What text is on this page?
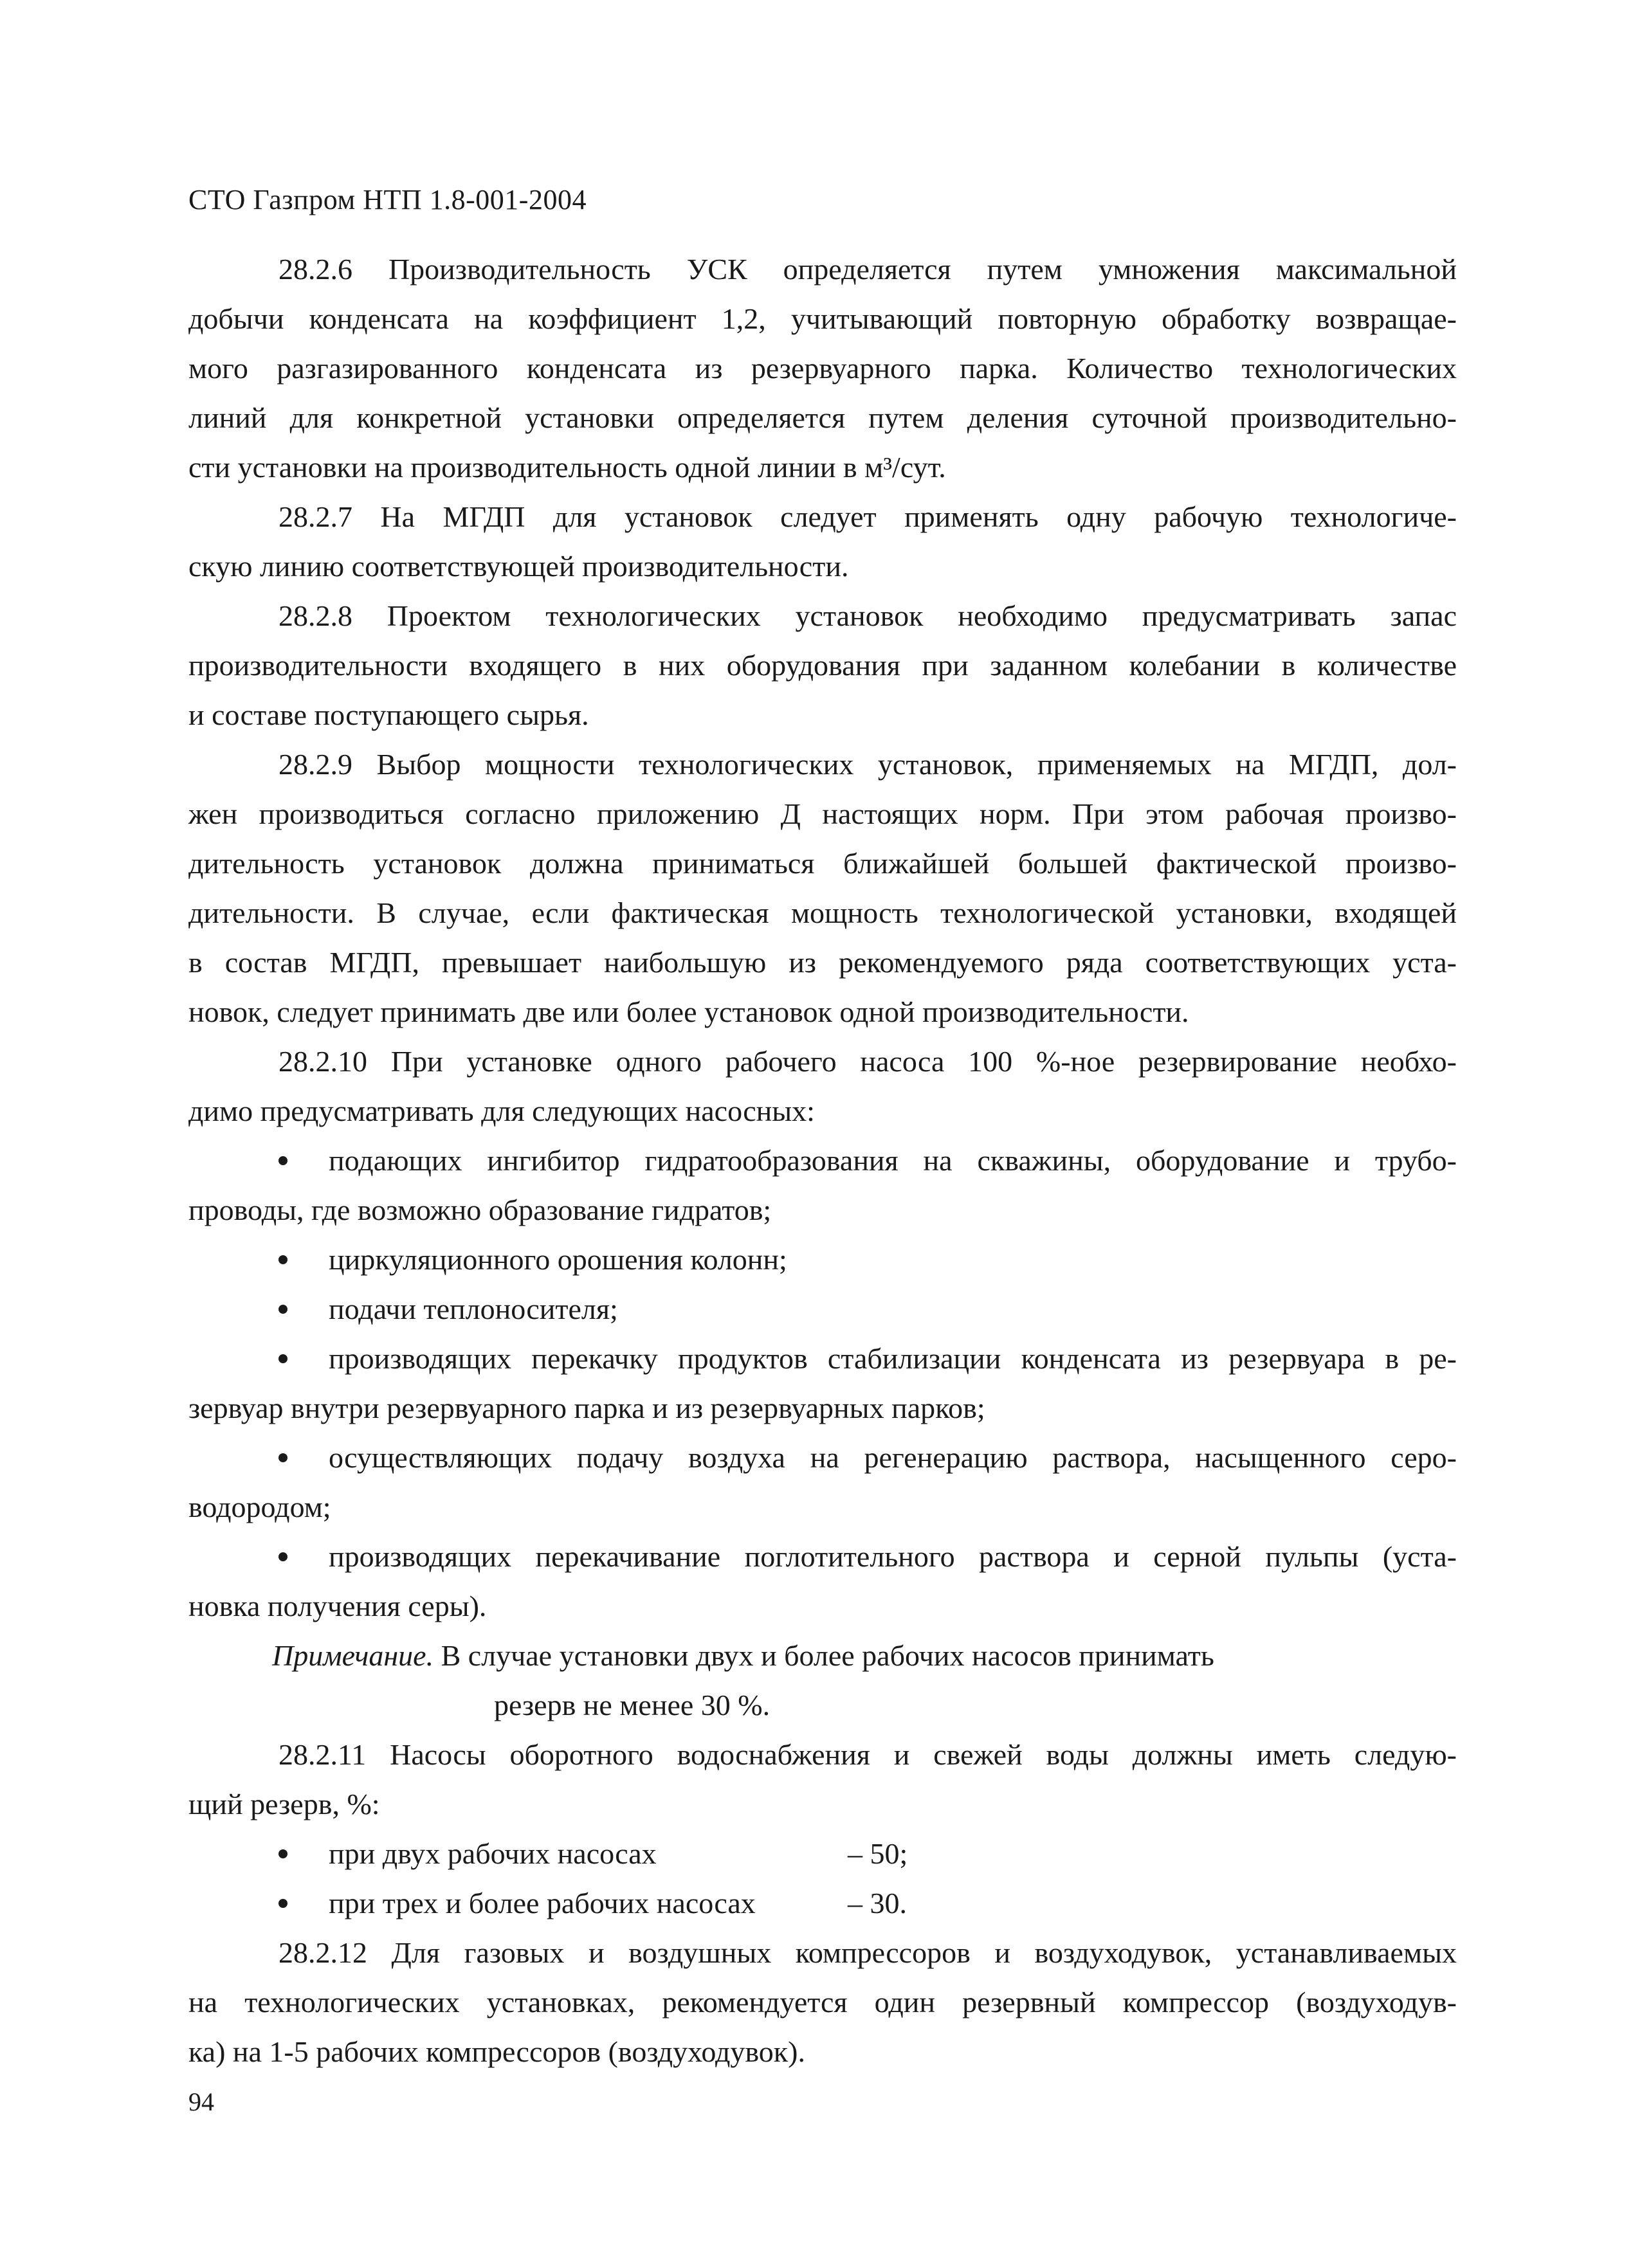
СТО Газпром НТП 1.8-001-2004
28.2.6 Производительность УСК определяется путем умножения максимальной
добычи конденсата на коэффициент 1,2, учитывающий повторную обработку возвращае-
мого разгазированного конденсата из резервуарного парка. Количество технологических
линий для конкретной установки определяется путем деления суточной производительно-
сти установки на производительность одной линии в м³/сут.
28.2.7 На МГДП для установок следует применять одну рабочую технологиче-
скую линию соответствующей производительности.
28.2.8 Проектом технологических установок необходимо предусматривать запас
производительности входящего в них оборудования при заданном колебании в количестве
и составе поступающего сырья.
28.2.9 Выбор мощности технологических установок, применяемых на МГДП, дол-
жен производиться согласно приложению Д настоящих норм. При этом рабочая произво-
дительность установок должна приниматься ближайшей большей фактической произво-
дительности. В случае, если фактическая мощность технологической установки, входящей
в состав МГДП, превышает наибольшую из рекомендуемого ряда соответствующих уста-
новок, следует принимать две или более установок одной производительности.
28.2.10 При установке одного рабочего насоса 100 %-ное резервирование необхо-
димо предусматривать для следующих насосных:
подающих ингибитор гидратообразования на скважины, оборудование и трубо-
проводы, где возможно образование гидратов;
циркуляционного орошения колонн;
подачи теплоносителя;
производящих перекачку продуктов стабилизации конденсата из резервуара в ре-
зервуар внутри резервуарного парка и из резервуарных парков;
осуществляющих подачу воздуха на регенерацию раствора, насыщенного серо-
водородом;
производящих перекачивание поглотительного раствора и серной пульпы (уста-
новка получения серы).
Примечание. В случае установки двух и более рабочих насосов принимать
резерв не менее 30 %.
28.2.11 Насосы оборотного водоснабжения и свежей воды должны иметь следую-
щий резерв, %:
при двух рабочих насосах	– 50;
при трех и более рабочих насосах	– 30.
28.2.12 Для газовых и воздушных компрессоров и воздуходувок, устанавливаемых
на технологических установках, рекомендуется один резервный компрессор (воздуходув-
ка) на 1-5 рабочих компрессоров (воздуходувок).
94
